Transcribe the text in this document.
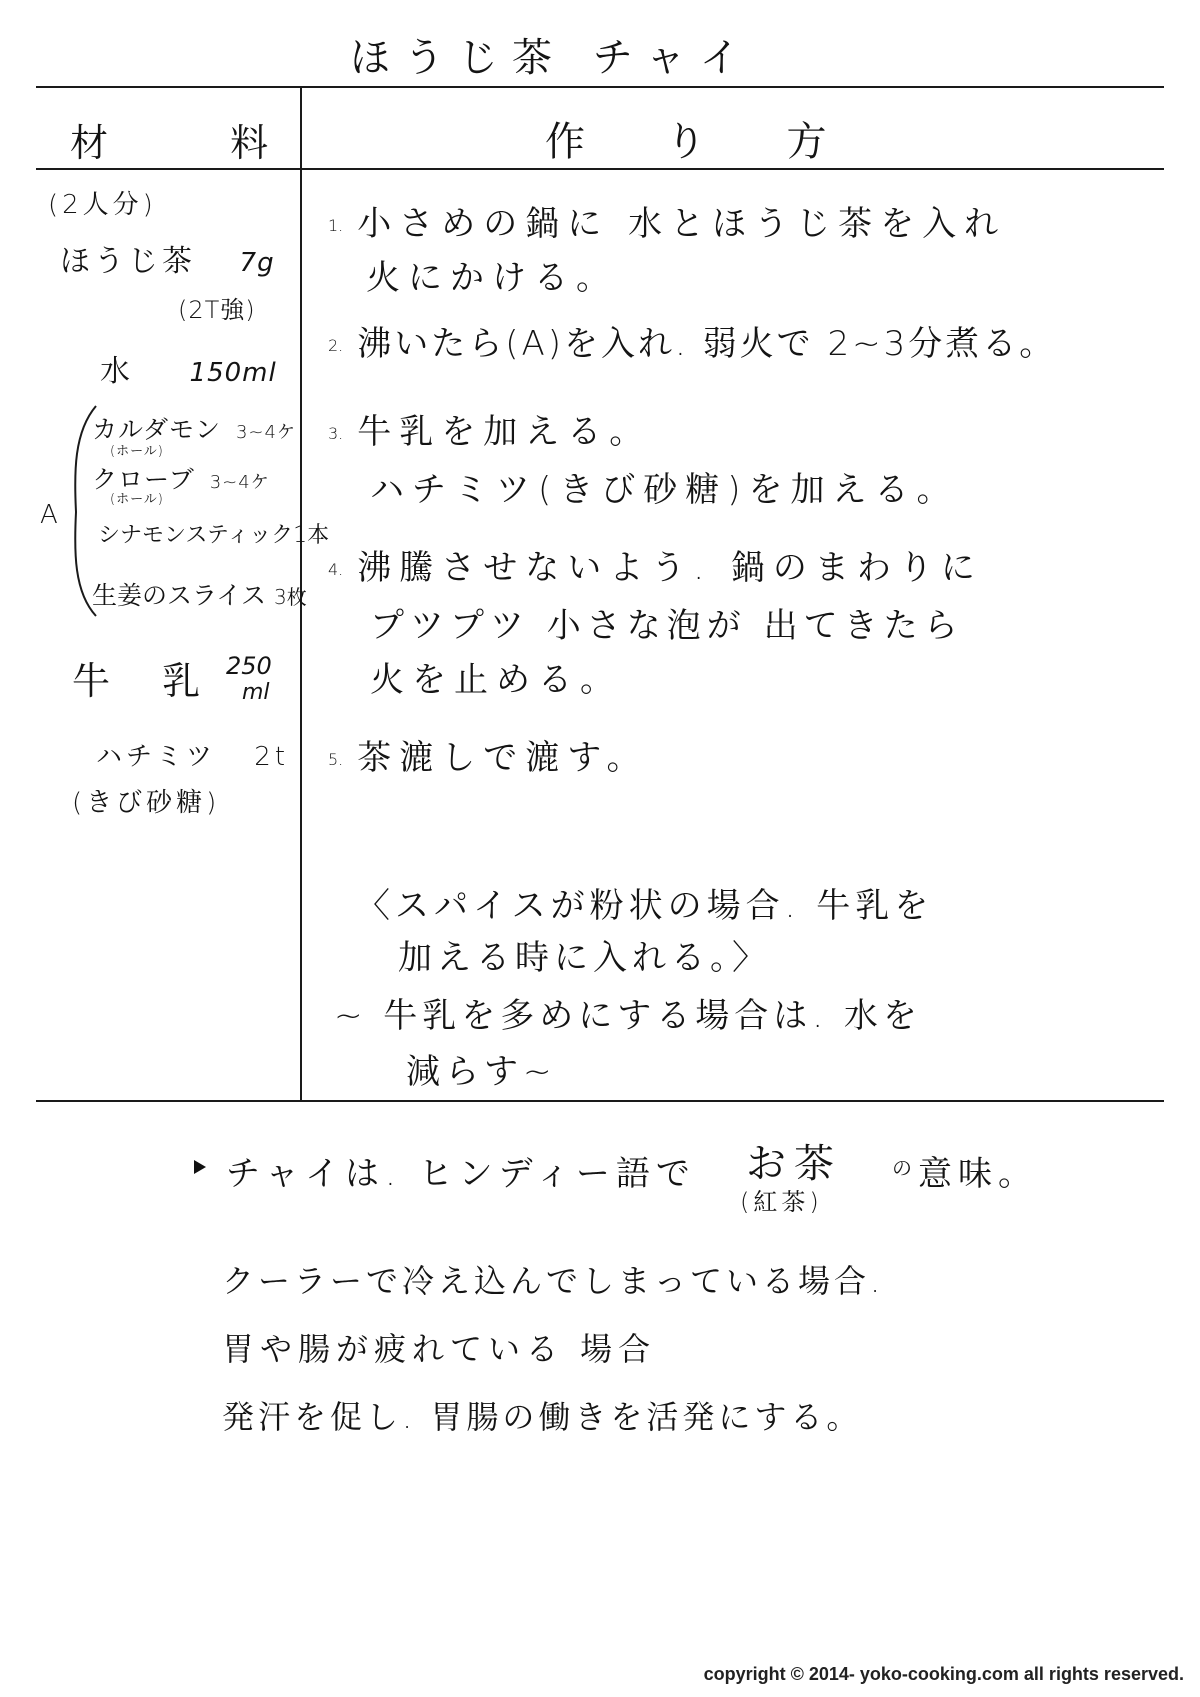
ほうじ茶 チャイ
材	料	作 り 方
(2人分)
ほうじ茶 7g
(2T強)
水 150ml
A
カルダモン 3~4ケ
(ホール)
クローブ 3~4ケ
(ホール)
シナモンスティック1本
生姜のスライス 3枚
牛 乳 250
ml
ハチミツ 2t
(きび砂糖)
1. 小さめの鍋に 水とほうじ茶を入れ
火にかける。
2. 沸いたら(A)を入れ. 弱火で 2~3分煮る。
3. 牛乳を加える。
ハチミツ(きび砂糖)を加える。
4. 沸騰させないよう. 鍋のまわりに
プツプツ 小さな泡が 出てきたら
火を止める。
5. 茶漉しで漉す。
〈スパイスが粉状の場合. 牛乳を
加える時に入れる。〉
~ 牛乳を多めにする場合は. 水を
減らす~
チャイは. ヒンディー語で お茶
(紅茶)
の 意味。
クーラーで冷え込んでしまっている場合.
胃や腸が疲れている 場合
発汗を促し. 胃腸の働きを活発にする。
copyright © 2014- yoko-cooking.com all rights reserved.
